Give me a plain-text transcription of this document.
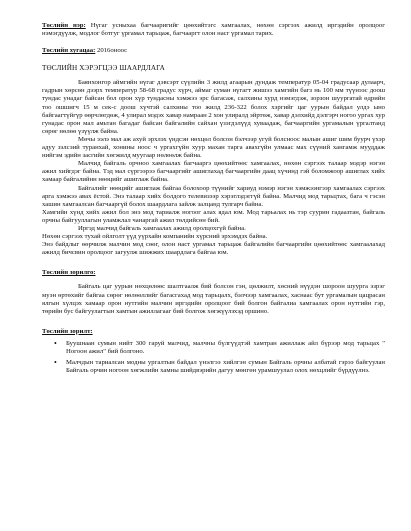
Төслийн нэр: Нүгаг усныхаа багчааригийг цөөхийтэгс хамгаалах, нөхөн сэргээх ажилд иргэдийн оролцоог нэмэгдүүлж, модлог ботгуг үргамал тарьцаж, багчааргт олон насг үргамал тарих.

Төслийн хугацаа: 2016оноос

ТӨСЛИЙН ХЭРЭГЦЭЭ ШААРДЛАГА

Баянхонгор аймгийн нүгаг дэвсэрт сүүлийн 3 жилд агаарын дундаж температур 05-04 градусаар дулаарч, гадрын хөрсөн дээрх температур 58-68 градус хүрч, аймаг суман нүгагт жишээ хамгийн багз нь 100 мм түүнээс доош тундас унадаг байсан бол орон хүр тундасны хэмжээ эрс багасаж, салхины хурд нэмэгдэж, зорзон шуургатай өдрийн тоо ошшигч 15 м сек-с доош хүчтэй салхины тоо жилд 236-322 болох хэргийг цаг уурын байдал улдэ ыно байгаагтүйгүр өөрчлөгдөж, 4 улирал мэдэх хавар намраан 2 хон улиралд эйртөж, хавар дэлхийд дэлгэрч ногоо ургах хур гунадас орон мал амьтан багадаг байсан байгалийн сайхан үзэгдэлүүд хуваадаж, багчааргийн ургамалын үргалтанд сөрөг нөлөө үзүүлж байна.

Мөчы ээлэ мал аж ахуй эрхлэх үндсэн нөхцөл болсон бэлчээр угуй болсноос малын ашиг шим буурч үхэр адуу зэлсэий туранхай, хонины ноос ч ургахгүйн хуур махан тарга авахгүйн улмаас мах сүүний хангамж мууддаж нийгэм эдийн засгийн хөгжилд муугаар нөлөөлж байна.

Малчид байгаль орчноо хамгаалах багчааргэ цөөхийтөөс хамгаалах, нөхөн сэргээх талаар мэдэр нэгэн ажил хийгдэг байна. Тэд мал сүргээрээ багчааргийг ашиглахад багчааргийн даац хүчинд гэй боломжоор ашиглах хийх хамаар байгалийнн нөөцийг ашиглаж байна.

Байгалийг нөөцийг ашиглаж байгаа болохоор түүнийг хариуд нэмэр нэгэн хэмжээнгээр хамгаалах сэргээх арга хэмжээ авах ёстой. Энэ талаар хийх болдого телевизээр хэрэглэдэггүй байна. Малчид мод тарьцтах, бага ч гэсэн хашин хамгаалсан багчааргүй болох шаардлага зайлж залцанд тулгарч байна.

Хамгийн хүнд хийх ажил бол энэ мод тариалж ногоог алах ядал юм. Мод тарьалах нь тэр суурин гадаазтан, байгаль орчны байгууллагын уламжлал чанаргай ажил төлдийсөн бий.

Иргэд малчид байгаль хамгаалах ажилд оролцохгүй байна.

Нөхөн сэргээх тухай ойлголт үүд уүрхайн компанийн хүрсний эрхэмдэх байна.

Энэ байдлыг өөрчилж малчин мод сөөг, олон наст ургамал тарьцаж байгалийн багчааргийн цөөхийтөөс хамгаалахад ажилд бичсвин оролцоог загуулж шижжих шаардлага байгаа юм.

Төслийн зорилго:

Байгаль цаг уурын нөхцөлөөс шалтгаалж бий болсон гэн, цөлжилт, хөсний нүүдэн шороон шуурга эзрэг муэн өртөхийг байгаа сөрөг нөлөөллийг багасгахад мод тарьцалх, бэлчээр хамгаалах, хаснаас бут ургамалын цацрасан ялгын хүлцэх хамаар орон нутгийн малчин иргэдийн оролцоог бий болгон байгалиа хамгаалах орон нутгийн гэр, төрийн бус байгуулагтын хамтын ажиллагааг бий болгож хөгжүүлэхэд оршино.

Төслийн зорилт:

• Буушнаан сумын нийт 300 гаруй малчид, малчны бүлгүүдтэй хамтран ажиллаж айл бүрээр мод тарьцах " Ногоон ажил" бий болгоно.
• Малчдын тариалсан модны ургалтын байдал үнэлгээ хийлгэн сумын Байгаль орчны албатай гэрээ байгуулан Байгаль орчин ногоон хөгжлийн хамны шийдвэрийн дагуу мөнгөн урамшуулал олох нөхцлийг бүрдүүлнэ.
